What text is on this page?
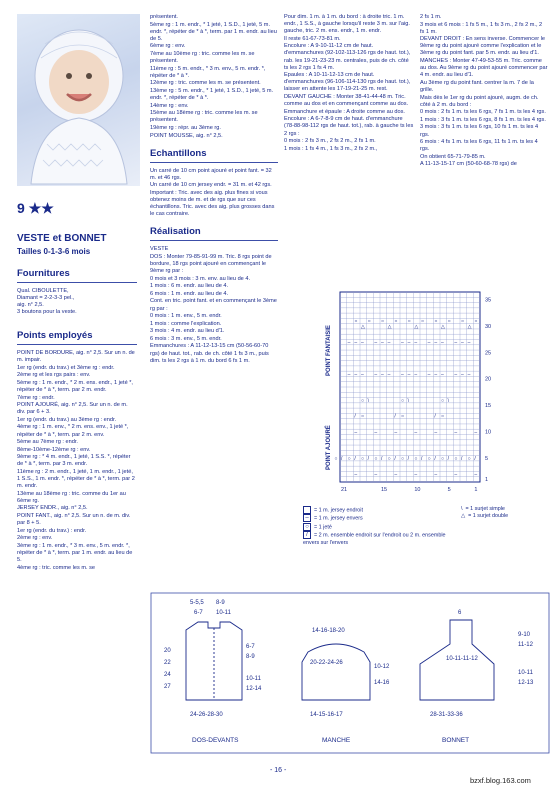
9 ★★
VESTE et BONNET
Tailles 0-1-3-6 mois
Fournitures

Qual. CIBOULETTE,

Diamant = 2-2-3-3 pel.,

aig. n° 2,5.

3 boutons pour la veste.

Points employés

POINT DE BORDURE, aig. n° 2,5. Sur un n. de m. impair.

1er rg (endr. du trav.) et 3ème rg : endr.

2ème rg et les rgs pairs : env.

5ème rg : 1 m. endr., * 2 m. ens. endr., 1 jeté *, répéter de * à *, term. par 2 m. endr.

7ème rg : endr.

POINT AJOURÉ, aig. n° 2,5. Sur un n. de m. div. par 6 + 3.

1er rg (endr. du trav.) au 3ème rg : endr.

4ème rg : 1 m. env., * 2 m. ens. env., 1 jeté *, répéter de * à *, term. par 2 m. env.

5ème au 7ème rg : endr.

8ème-10ème-12ème rg : env.

9ème rg : * 4 m. endr., 1 jeté, 1 S.S. *, répéter de * à *, term. par 3 m. endr.

11ème rg : 2 m. endr., 1 jeté, 1 m. endr., 1 jeté, 1 S.S., 1 m. endr. *, répéter de * à *, term. par 2 m. endr.

13ème au 18ème rg : tric. comme du 1er au 6ème rg.

JERSEY ENDR., aig. n° 2,5.

POINT FANT., aig. n° 2,5. Sur un n. de m. div. par 8 + 5.

1er rg (endr. du trav.) : endr.

2ème rg : env.

3ème rg : 1 m. endr., * 3 m. env., 5 m. endr. *, répéter de * à *, term. par 1 m. endr. au lieu de 5.

4ème rg : tric. comme les m. se

présentent.

5ème rg : 1 m. endr., * 1 jeté, 1 S.D., 1 jeté, 5 m. endr. *, répéter de * à *, term. par 1 m. endr. au lieu de 5.

6ème rg : env.

7ème au 10ème rg : tric. comme les m. se présentent.

11ème rg : 5 m. endr., * 3 m. env., 5 m. endr. *, répéter de * à *.

12ème rg : tric. comme les m. se présentent.

13ème rg : 5 m. endr., * 1 jeté, 1 S.D., 1 jeté, 5 m. endr. *, répéter de * à *.

14ème rg : env.

15ème au 18ème rg : tric. comme les m. se présentent.

19ème rg : répr. au 3ème rg.

POINT MOUSSE, aig. n° 2,5.

Echantillons

Un carré de 10 cm point ajouré et point fant. = 32 m. et 46 rgs.

Un carré de 10 cm jersey endr. = 31 m. et 42 rgs.

Important : Tric. avec des aig. plus fines si vous obtenez moins de m. et de rgs que sur ces échantillons. Tric. avec des aig. plus grosses dans le cas contraire.

Réalisation

VESTE

DOS : Monter 79-85-91-99 m. Tric. 8 rgs point de bordure, 18 rgs point ajouré en commençant le 9ème rg par :

0 mois et 3 mois : 3 m. env. au lieu de 4.

1 mois : 6 m. endr. au lieu de 4.

6 mois : 1 m. endr. au lieu de 4.

Cont. en tric. point fant. et en commençant le 3ème rg par :

0 mois : 1 m. env., 5 m. endr.

1 mois : comme l'explication.

3 mois : 4 m. endr. au lieu d'1.

6 mois : 3 m. env., 5 m. endr.

Emmanchures : A 11-12-13-15 cm (50-56-60-70 rgs) de haut. tot., rab. de ch. côté 1 fs 3 m., puis dim. ts les 2 rgs à 1 m. du bord 6 fs 1 m.

Pour dim. 1 m. à 1 m. du bord : à droite tric. 1 m. endr., 1 S.S., à gauche lorsqu'il reste 3 m. sur l'aig. gauche, tric. 2 m. ens. endr., 1 m. endr.

Il reste 61-67-73-81 m.

Encolure : A 9-10-11-12 cm de haut. d'emmanchures (92-102-113-126 rgs de haut. tot.), rab. les 19-21-23-23 m. centrales, puis de ch. côté ts les 2 rgs 1 fs 4 m.

Epaules : A 10-11-12-13 cm de haut. d'emmanchures (96-106-114-130 rgs de haut. tot.), laisser en attente les 17-19-21-25 m. rest.

DEVANT GAUCHE : Monter 38-41-44-48 m. Tric. comme au dos et en commençant comme au dos.

Emmanchure et épaule : A droite comme au dos.

Encolure : A 6-7-8-9 cm de haut. d'emmanchure (78-88-98-112 rgs de haut. tot.), rab. à gauche ts les 2 rgs :

0 mois : 2 fs 3 m., 2 fs 2 m., 2 fs 1 m.

1 mois : 1 fs 4 m., 1 fs 3 m., 2 fs 2 m.,

2 fs 1 m.

3 mois et 6 mois : 1 fs 5 m., 1 fs 3 m., 2 fs 2 m., 2 fs 1 m.

DEVANT DROIT : En sens inverse. Commencer le 9ème rg du point ajouré comme l'explication et le 3ème rg du point fant. par 5 m. endr. au lieu d'1.

MANCHES : Monter 47-49-53-55 m. Tric. comme au dos. Au 9ème rg du point ajouré commencer par 4 m. endr. au lieu d'1.

Au 3ème rg du point fant. centrer la m. 7 de la grille.

Mais dès le 1er rg du point ajouré, augm. de ch. côté à 2 m. du bord :

0 mois : 2 fs 1 m. ts les 6 rgs, 7 fs 1 m. ts les 4 rgs.

1 mois : 3 fs 1 m. ts les 6 rgs, 8 fs 1 m. ts les 4 rgs.

3 mois : 3 fs 1 m. ts les 6 rgs, 10 fs 1 m. ts les 4 rgs.

6 mois : 4 fs 1 m. ts les 6 rgs, 11 fs 1 m. ts les 4 rgs.

On obtient 65-71-79-85 m.

A 11-13-15-17 cm (50-60-68-78 rgs) de

○
△
○ ○
△
○ ○
△
○ ○
△
○ ○
△
○
– – –
– – –
– – –
– – –
– – –
– – –
– – –
– – –
– – –
– – –
○ \
/ ○
○ \
/ ○
○ \
/ ○
/
○
/
○
/
○
/
○
/
○
/
○
/
○
/
○
/
○
/
○
/
○
–
–
–
–
–
–
–
–
–
–
–
–
–
–
POINT FANTAISIE
POINT AJOURÉ
21	15	10	5	1
35
30
25
20
15
10
5
1
= 1 m. jersey endroit
– = 1 m. jersey envers
○ = 1 jeté
/ = 2 m. ensemble endroit sur l'endroit ou 2 m. ensemble envers sur l'envers
\ = 1 surjet simple
△ = 1 surjet double
5-5,5 8-9
6-7 10-11
20
22
24
27
6-7
8-9
10-11
12-14
24-26-28-30
DOS-DEVANTS
14-16-18-20
20-22-24-26
10-12
14-16
14-15-16-17
MANCHE
6
10-11-11-12
9-10
11-12
10-11
12-13
28-31-33-36
BONNET
- 16 -
bzxf.blog.163.com
